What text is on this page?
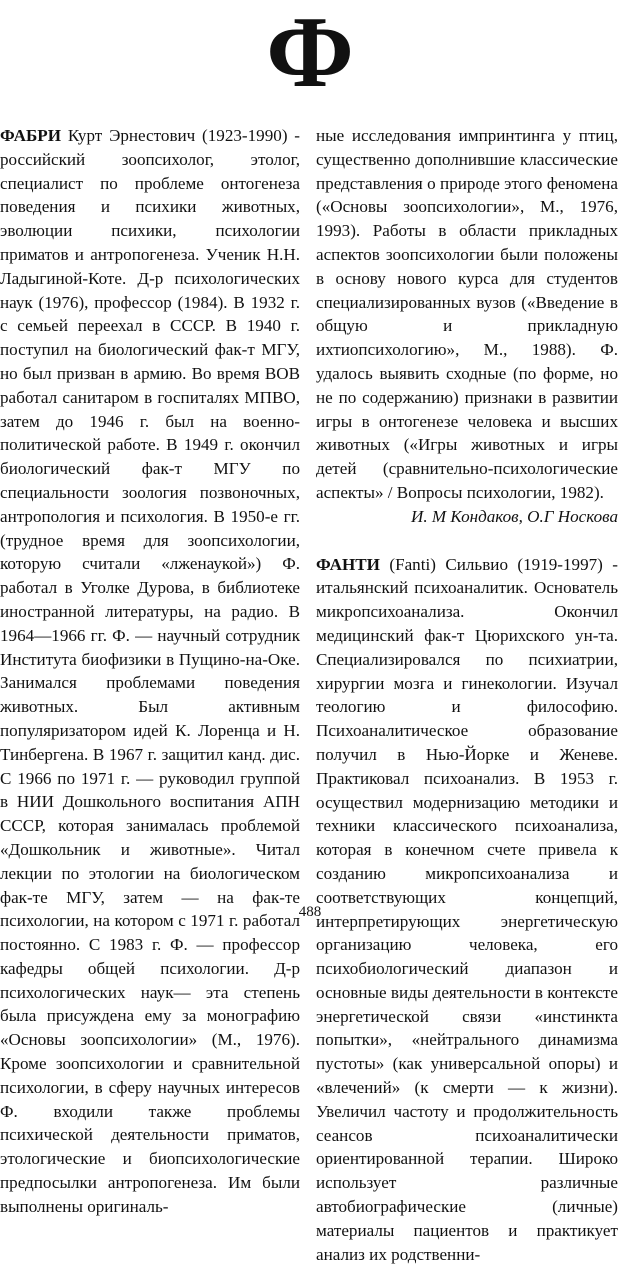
Ф

ФАБРИ Курт Эрнестович (1923-1990) - российский зоопсихолог, этолог, специалист по проблеме онтогенеза поведения и психики животных, эволюции психики, психологии приматов и антропогенеза. Ученик Н.Н. Ладыгиной-Коте. Д-р психологических наук (1976), профессор (1984). В 1932 г. с семьей переехал в СССР. В 1940 г. поступил на биологический фак-т МГУ, но был призван в армию. Во время ВОВ работал санитаром в госпиталях МПВО, затем до 1946 г. был на военно-политической работе. В 1949 г. окончил биологический фак-т МГУ по специальности зоология позвоночных, антропология и психология. В 1950-е гг. (трудное время для зоопсихологии, которую считали «лженаукой») Ф. работал в Уголке Дурова, в библиотеке иностранной литературы, на радио. В 1964—1966 гг. Ф. — научный сотрудник Института биофизики в Пущино-на-Оке. Занимался проблемами поведения животных. Был активным популяризатором идей К. Лоренца и Н. Тинбергена. В 1967 г. защитил канд. дис. С 1966 по 1971 г. — руководил группой в НИИ Дошкольного воспитания АПН СССР, которая занималась проблемой «Дошкольник и животные». Читал лекции по этологии на биологическом фак-те МГУ, затем — на фак-те психологии, на котором с 1971 г. работал постоянно. С 1983 г. Ф. — профессор кафедры общей психологии. Д-р психологических наук— эта степень была присуждена ему за монографию «Основы зоопсихологии» (М., 1976). Кроме зоопсихологии и сравнительной психологии, в сферу научных интересов Ф. входили также проблемы психической деятельности приматов, этологические и биопсихологические предпосылки антропогенеза. Им были выполнены оригиналь-

ные исследования импринтинга у птиц, существенно дополнившие классические представления о природе этого феномена («Основы зоопсихологии», М., 1976, 1993). Работы в области прикладных аспектов зоопсихологии были положены в основу нового курса для студентов специализированных вузов («Введение в общую и прикладную ихтиопсихологию», М., 1988). Ф. удалось выявить сходные (по форме, но не по содержанию) признаки в развитии игры в онтогенезе человека и высших животных («Игры животных и игры детей (сравнительно-психологические аспекты» / Вопросы психологии, 1982).

И. М Кондаков, О.Г Носкова

ФАНТИ (Fanti) Сильвио (1919-1997) - итальянский психоаналитик. Основатель микропсихоанализа. Окончил медицинский фак-т Цюрихского ун-та. Специализировался по психиатрии, хирургии мозга и гинекологии. Изучал теологию и философию. Психоаналитическое образование получил в Нью-Йорке и Женеве. Практиковал психоанализ. В 1953 г. осуществил модернизацию методики и техники классического психоанализа, которая в конечном счете привела к созданию микропсихоанализа и соответствующих концепций, интерпретирующих энергетическую организацию человека, его психобиологический диапазон и основные виды деятельности в контексте энергетической связи «инстинкта попытки», «нейтрального динамизма пустоты» (как универсальной опоры) и «влечений» (к смерти — к жизни). Увеличил частоту и продолжительность сеансов психоаналитически ориентированной терапии. Широко использует различные автобиографические (личные) материалы пациентов и практикует анализ их родственни-

488
